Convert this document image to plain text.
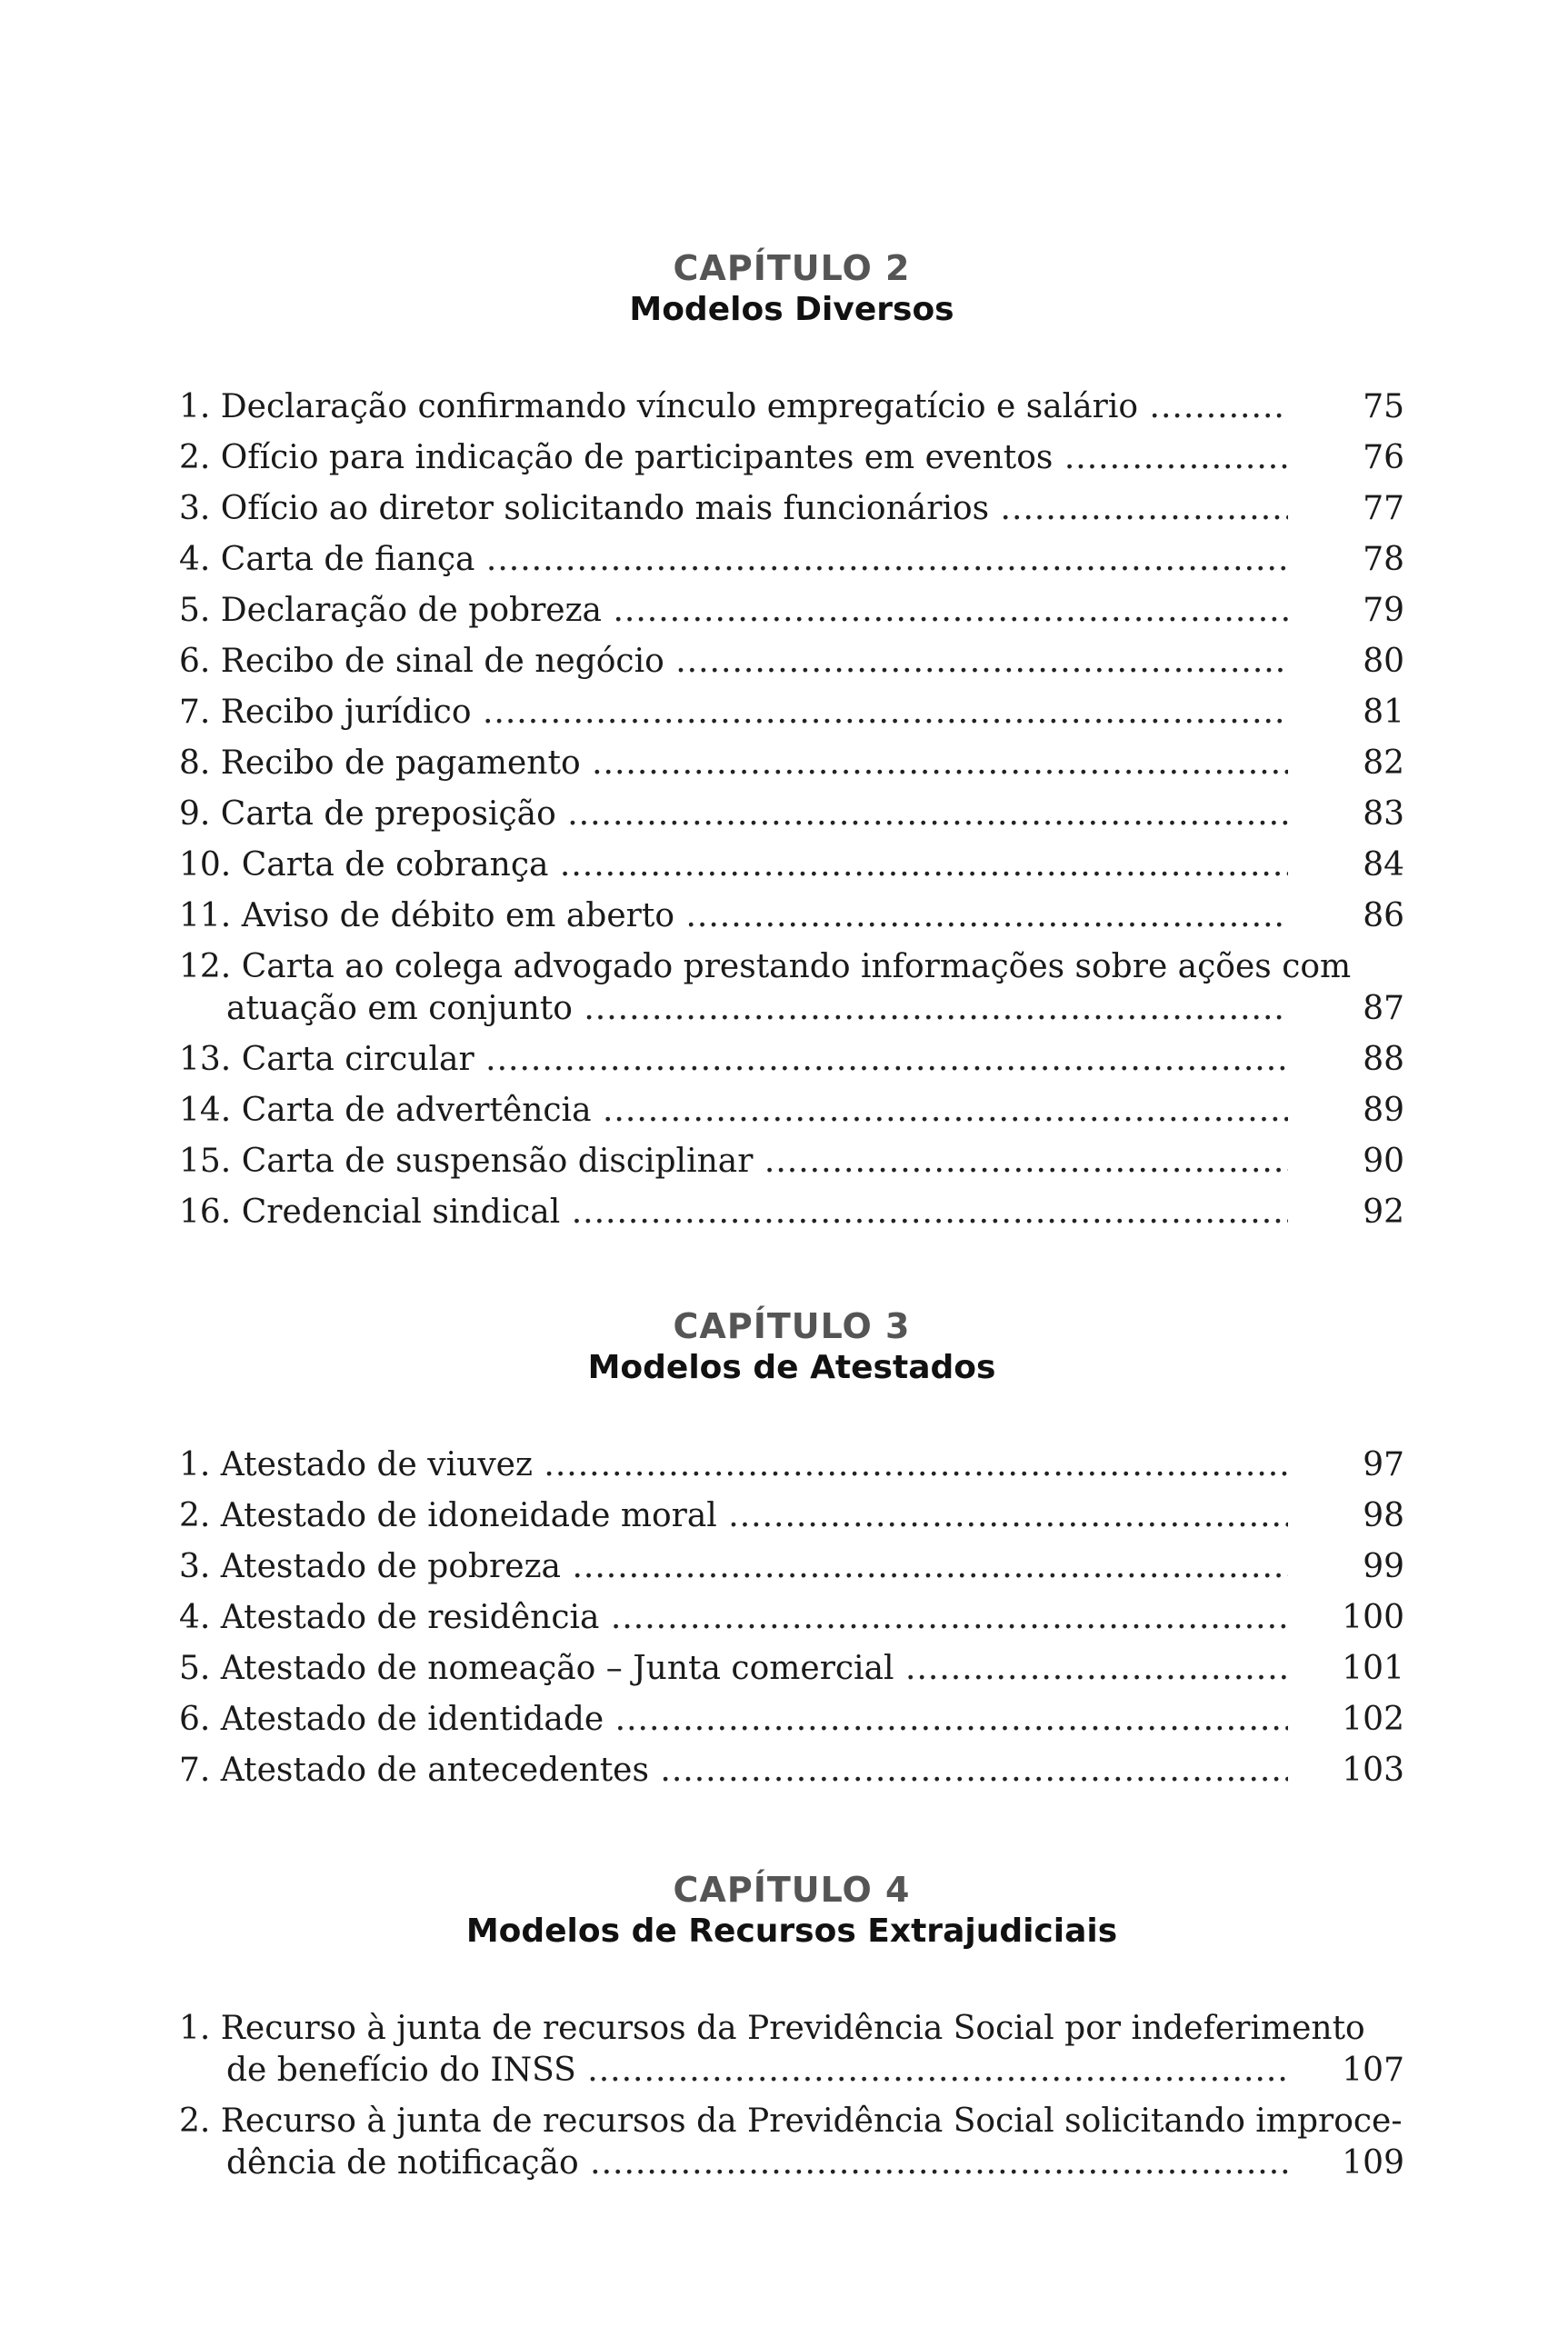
CAPÍTULO 2
Modelos Diversos
1. Declaração confirmando vínculo empregatício e salário .....	75
2. Ofício para indicação de participantes em eventos .....	76
3. Ofício ao diretor solicitando mais funcionários .....	77
4. Carta de fiança .....	78
5. Declaração de pobreza .....	79
6. Recibo de sinal de negócio .....	80
7. Recibo jurídico .....	81
8. Recibo de pagamento .....	82
9. Carta de preposição .....	83
10. Carta de cobrança .....	84
11. Aviso de débito em aberto .....	86
12. Carta ao colega advogado prestando informações sobre ações com
atuação em conjunto .....	87
13. Carta circular .....	88
14. Carta de advertência .....	89
15. Carta de suspensão disciplinar .....	90
16. Credencial sindical .....	92
CAPÍTULO 3
Modelos de Atestados
1. Atestado de viuvez .....	97
2. Atestado de idoneidade moral .....	98
3. Atestado de pobreza .....	99
4. Atestado de residência .....	100
5. Atestado de nomeação – Junta comercial .....	101
6. Atestado de identidade .....	102
7. Atestado de antecedentes .....	103
CAPÍTULO 4
Modelos de Recursos Extrajudiciais
1. Recurso à junta de recursos da Previdência Social por indeferimento
de benefício do INSS .....	107
2. Recurso à junta de recursos da Previdência Social solicitando improce-
dência de notificação .....	109
